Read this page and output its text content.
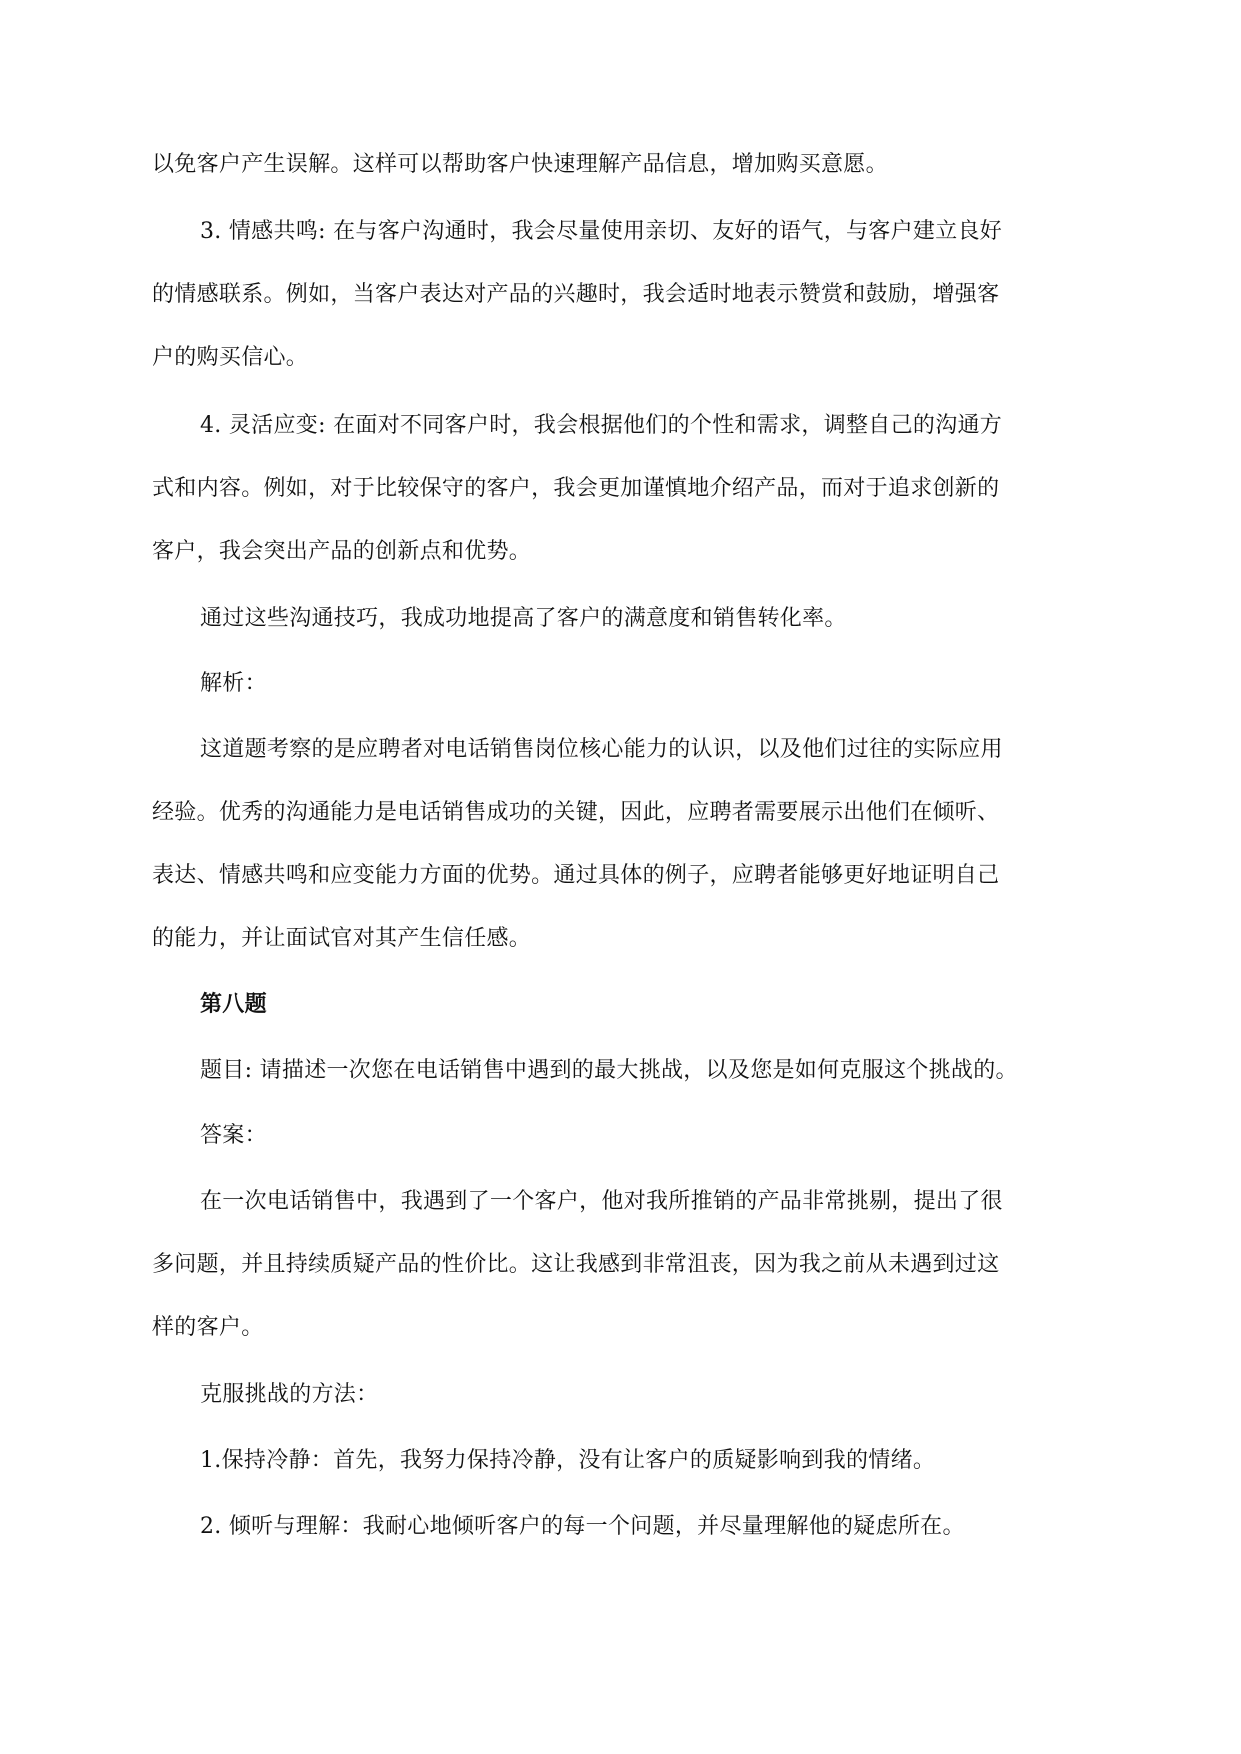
以免客户产生误解。这样可以帮助客户快速理解产品信息，增加购买意愿。

3. 情感共鸣: 在与客户沟通时，我会尽量使用亲切、友好的语气，与客户建立良好

的情感联系。例如，当客户表达对产品的兴趣时，我会适时地表示赞赏和鼓励，增强客

户的购买信心。

4. 灵活应变: 在面对不同客户时，我会根据他们的个性和需求，调整自己的沟通方

式和内容。例如，对于比较保守的客户，我会更加谨慎地介绍产品，而对于追求创新的

客户，我会突出产品的创新点和优势。

通过这些沟通技巧，我成功地提高了客户的满意度和销售转化率。

解析：

这道题考察的是应聘者对电话销售岗位核心能力的认识，以及他们过往的实际应用

经验。优秀的沟通能力是电话销售成功的关键，因此，应聘者需要展示出他们在倾听、

表达、情感共鸣和应变能力方面的优势。通过具体的例子，应聘者能够更好地证明自己

的能力，并让面试官对其产生信任感。

第八题

题目: 请描述一次您在电话销售中遇到的最大挑战，以及您是如何克服这个挑战的。

答案：

在一次电话销售中，我遇到了一个客户，他对我所推销的产品非常挑剔，提出了很

多问题，并且持续质疑产品的性价比。这让我感到非常沮丧，因为我之前从未遇到过这

样的客户。

克服挑战的方法：

1.保持冷静：首先，我努力保持冷静，没有让客户的质疑影响到我的情绪。

2. 倾听与理解：我耐心地倾听客户的每一个问题，并尽量理解他的疑虑所在。
